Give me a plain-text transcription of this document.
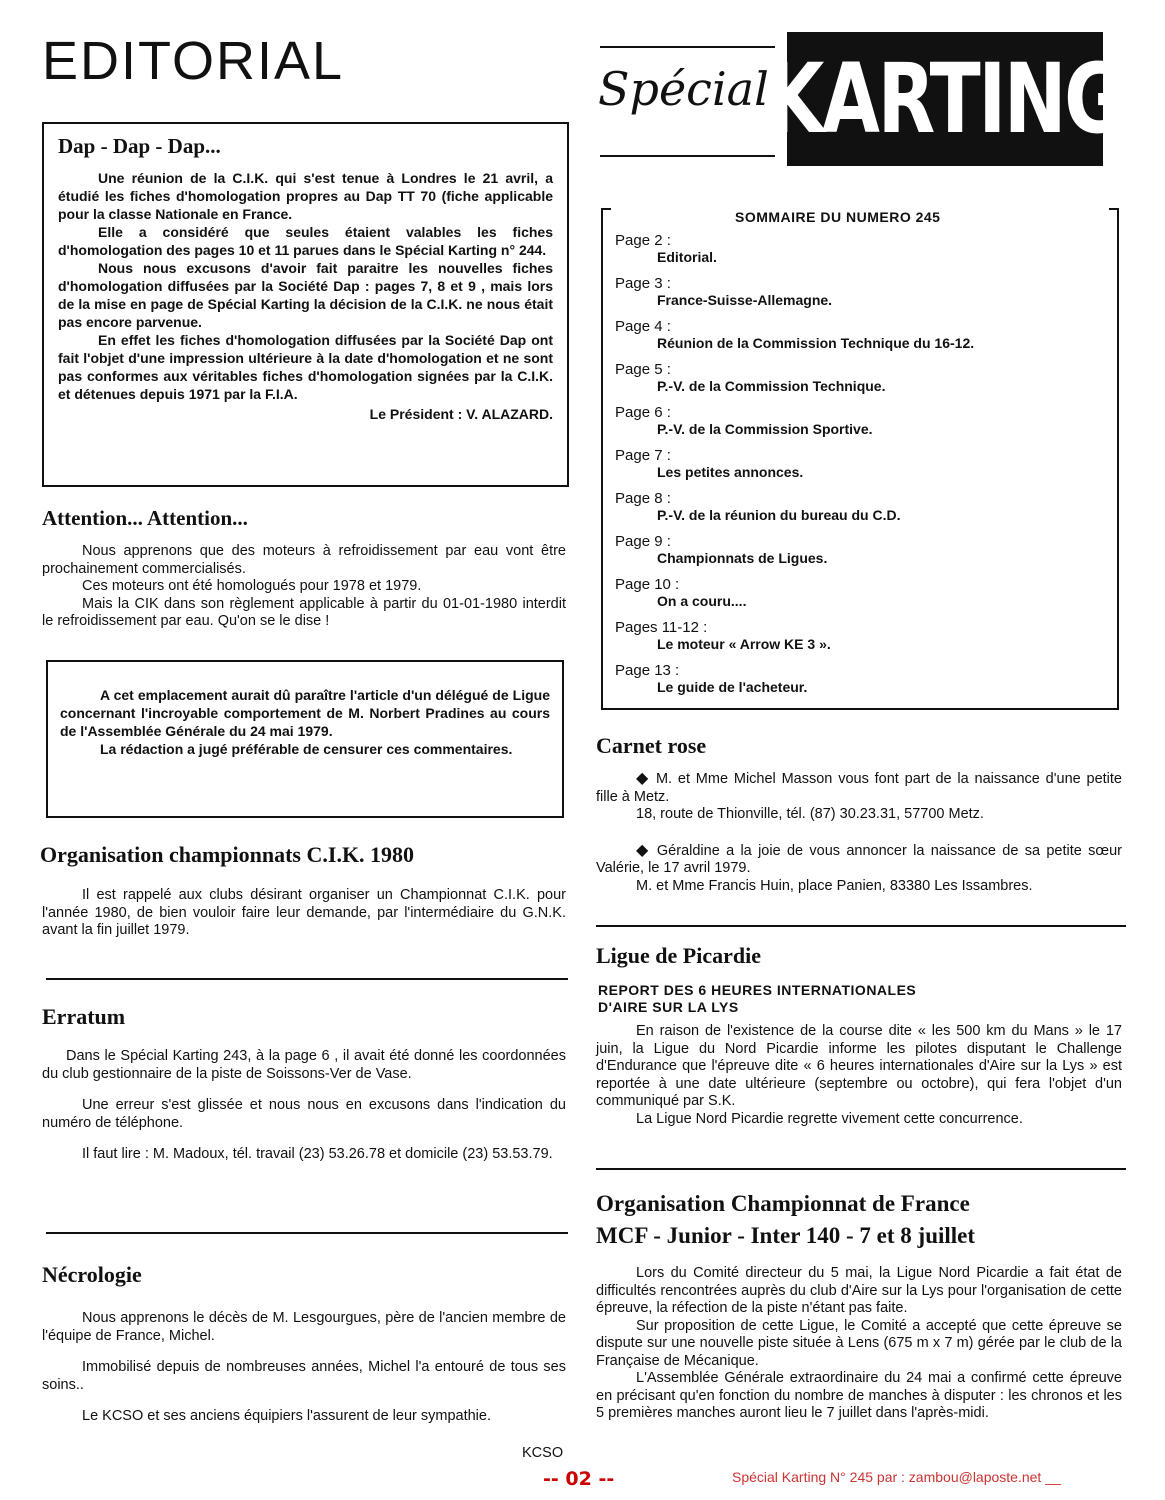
EDITORIAL	Spécial
KARTING
Dap - Dap - Dap...

Une réunion de la C.I.K. qui s'est tenue à Londres le 21 avril, a étudié les fiches d'homologation propres au Dap TT 70 (fiche applicable pour la classe Nationale en France.

Elle a considéré que seules étaient valables les fiches d'homologation des pages 10 et 11 parues dans le Spécial Karting n° 244.

Nous nous excusons d'avoir fait paraitre les nouvelles fiches d'homologation diffusées par la Société Dap : pages 7, 8 et 9 , mais lors de la mise en page de Spécial Karting la décision de la C.I.K. ne nous était pas encore parvenue.

En effet les fiches d'homologation diffusées par la Société Dap ont fait l'objet d'une impression ultérieure à la date d'homologation et ne sont pas conformes aux véritables fiches d'homologation signées par la C.I.K. et détenues depuis 1971 par la F.I.A.

Le Président : V. ALAZARD.

Attention... Attention...

Nous apprenons que des moteurs à refroidissement par eau vont être prochainement commercialisés.

Ces moteurs ont été homologués pour 1978 et 1979.

Mais la CIK dans son règlement applicable à partir du 01-01-1980 interdit le refroidissement par eau. Qu'on se le dise !

A cet emplacement aurait dû paraître l'article d'un délégué de Ligue concernant l'incroyable comportement de M. Norbert Pradines au cours de l'Assemblée Générale du 24 mai 1979.

La rédaction a jugé préférable de censurer ces commentaires.

Organisation championnats C.I.K. 1980

Il est rappelé aux clubs désirant organiser un Championnat C.I.K. pour l'année 1980, de bien vouloir faire leur demande, par l'intermédiaire du G.N.K. avant la fin juillet 1979.

Erratum

Dans le Spécial Karting 243, à la page 6 , il avait été donné les coordonnées du club gestionnaire de la piste de Soissons-Ver de Vase.

Une erreur s'est glissée et nous nous en excusons dans l'indication du numéro de téléphone.

Il faut lire : M. Madoux, tél. travail (23) 53.26.78 et domicile (23) 53.53.79.

Nécrologie

Nous apprenons le décès de M. Lesgourgues, père de l'ancien membre de l'équipe de France, Michel.

Immobilisé depuis de nombreuses années, Michel l'a entouré de tous ses soins..

Le KCSO et ses anciens équipiers l'assurent de leur sympathie.

KCSO
SOMMAIRE DU NUMERO 245
Page 2 :
Editorial.
Page 3 :
France-Suisse-Allemagne.
Page 4 :
Réunion de la Commission Technique du 16-12.
Page 5 :
P.-V. de la Commission Technique.
Page 6 :
P.-V. de la Commission Sportive.
Page 7 :
Les petites annonces.
Page 8 :
P.-V. de la réunion du bureau du C.D.
Page 9 :
Championnats de Ligues.
Page 10 :
On a couru....
Pages 11-12 :
Le moteur « Arrow KE 3 ».
Page 13 :
Le guide de l'acheteur.
Carnet rose

◆ M. et Mme Michel Masson vous font part de la naissance d'une petite fille à Metz.

18, route de Thionville, tél. (87) 30.23.31, 57700 Metz.

◆ Géraldine a la joie de vous annoncer la naissance de sa petite sœur Valérie, le 17 avril 1979.

M. et Mme Francis Huin, place Panien, 83380 Les Issambres.

Ligue de Picardie
REPORT DES 6 HEURES INTERNATIONALES
D'AIRE SUR LA LYS

En raison de l'existence de la course dite « les 500 km du Mans » le 17 juin, la Ligue du Nord Picardie informe les pilotes disputant le Challenge d'Endurance que l'épreuve dite « 6 heures internationales d'Aire sur la Lys » est reportée à une date ultérieure (septembre ou octobre), qui fera l'objet d'un communiqué par S.K.

La Ligue Nord Picardie regrette vivement cette concurrence.

Organisation Championnat de France
MCF - Junior - Inter 140 - 7 et 8 juillet

Lors du Comité directeur du 5 mai, la Ligue Nord Picardie a fait état de difficultés rencontrées auprès du club d'Aire sur la Lys pour l'organisation de cette épreuve, la réfection de la piste n'étant pas faite.

Sur proposition de cette Ligue, le Comité a accepté que cette épreuve se dispute sur une nouvelle piste située à Lens (675 m x 7 m) gérée par le club de la Française de Mécanique.

L'Assemblée Générale extraordinaire du 24 mai a confirmé cette épreuve en précisant qu'en fonction du nombre de manches à disputer : les chronos et les 5 premières manches auront lieu le 7 juillet dans l'après-midi.

-- 02 --	Spécial Karting N° 245 par : zambou@laposte.net __
